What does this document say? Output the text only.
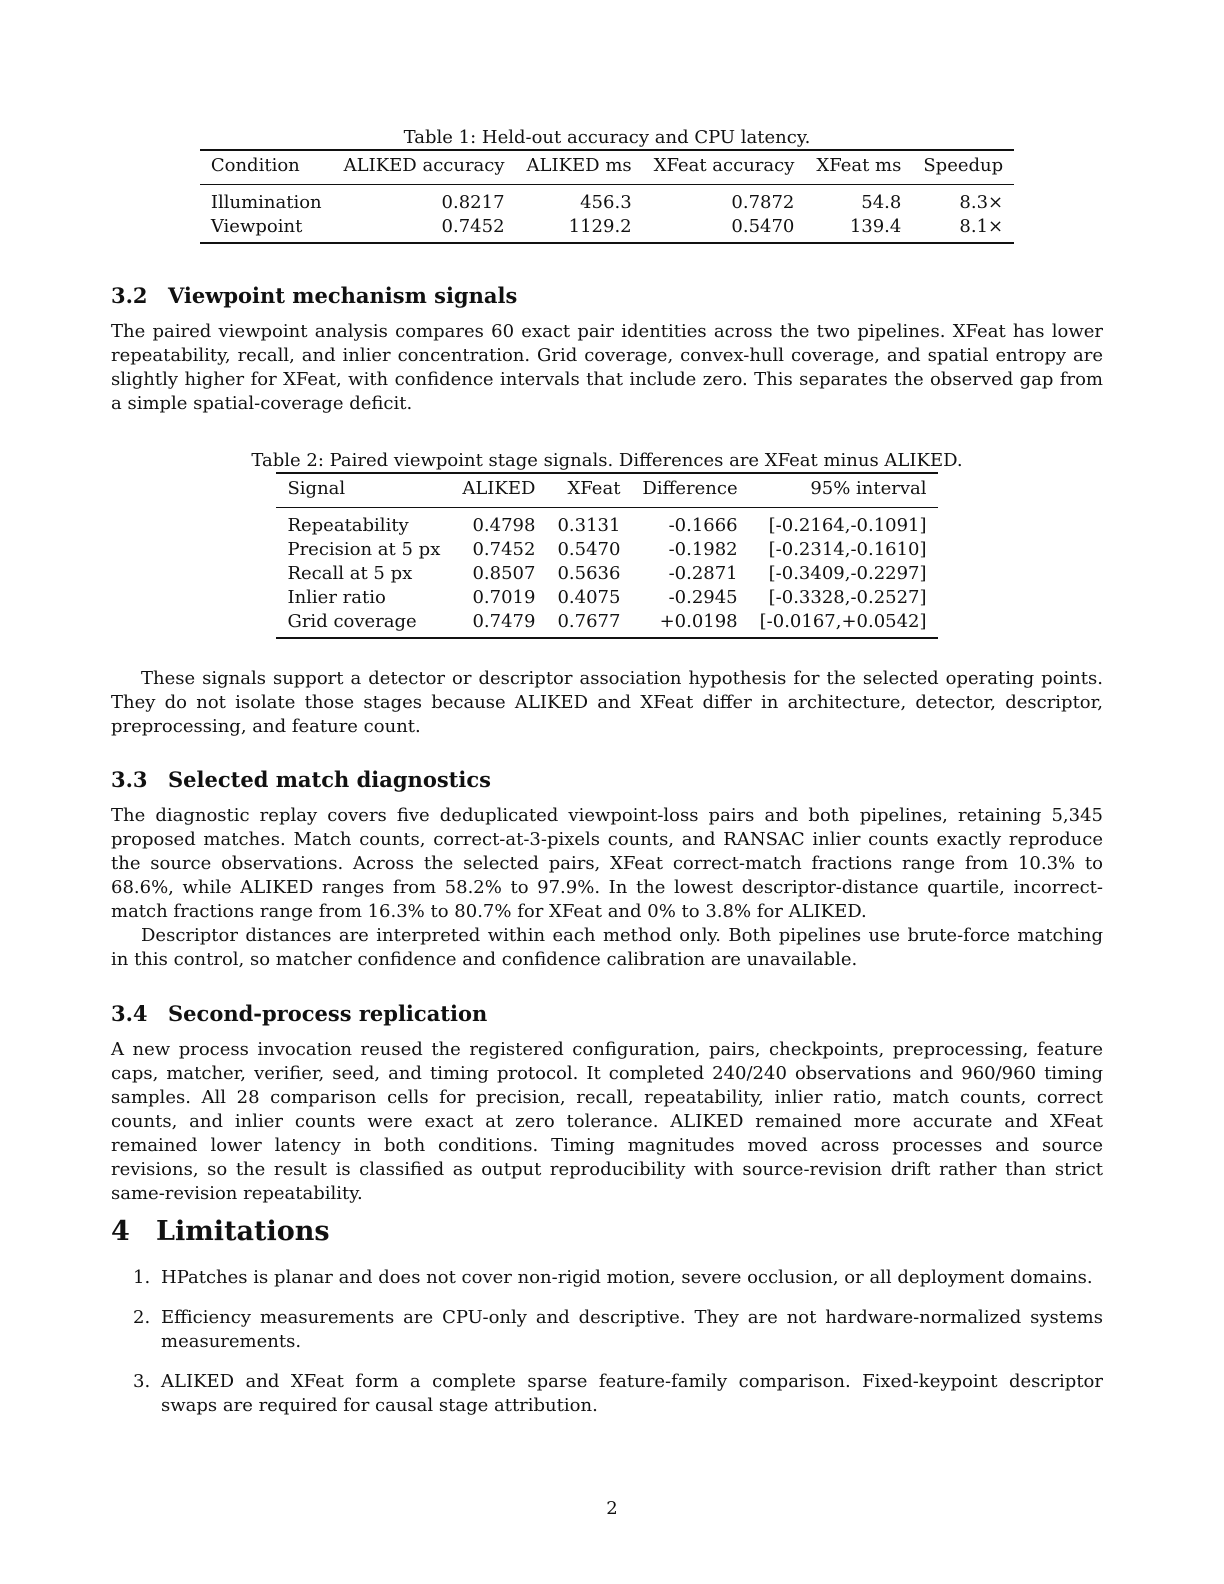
Table 1: Held-out accuracy and CPU latency.

Condition	ALIKED accuracy	ALIKED ms	XFeat accuracy	XFeat ms	Speedup
Illumination	0.8217	456.3	0.7872	54.8	8.3×
Viewpoint	0.7452	1129.2	0.5470	139.4	8.1×
3.2 Viewpoint mechanism signals

The paired viewpoint analysis compares 60 exact pair identities across the two pipelines. XFeat has lower repeatability, recall, and inlier concentration. Grid coverage, convex-hull coverage, and spatial entropy are slightly higher for XFeat, with confidence intervals that include zero. This separates the observed gap from a simple spatial-coverage deficit.

Table 2: Paired viewpoint stage signals. Differences are XFeat minus ALIKED.

Signal	ALIKED	XFeat	Difference	95% interval
Repeatability	0.4798	0.3131	-0.1666	[-0.2164,-0.1091]
Precision at 5 px	0.7452	0.5470	-0.1982	[-0.2314,-0.1610]
Recall at 5 px	0.8507	0.5636	-0.2871	[-0.3409,-0.2297]
Inlier ratio	0.7019	0.4075	-0.2945	[-0.3328,-0.2527]
Grid coverage	0.7479	0.7677	+0.0198	[-0.0167,+0.0542]

These signals support a detector or descriptor association hypothesis for the selected operating points. They do not isolate those stages because ALIKED and XFeat differ in architecture, detector, descriptor, preprocessing, and feature count.

3.3 Selected match diagnostics

The diagnostic replay covers five deduplicated viewpoint-loss pairs and both pipelines, retaining 5,345 proposed matches. Match counts, correct-at-3-pixels counts, and RANSAC inlier counts exactly reproduce the source observations. Across the selected pairs, XFeat correct-match fractions range from 10.3% to 68.6%, while ALIKED ranges from 58.2% to 97.9%. In the lowest descriptor-distance quartile, incorrect-match fractions range from 16.3% to 80.7% for XFeat and 0% to 3.8% for ALIKED.

Descriptor distances are interpreted within each method only. Both pipelines use brute-force matching in this control, so matcher confidence and confidence calibration are unavailable.

3.4 Second-process replication

A new process invocation reused the registered configuration, pairs, checkpoints, preprocessing, feature caps, matcher, verifier, seed, and timing protocol. It completed 240/240 observations and 960/960 timing samples. All 28 comparison cells for precision, recall, repeatability, inlier ratio, match counts, correct counts, and inlier counts were exact at zero tolerance. ALIKED remained more accurate and XFeat remained lower latency in both conditions. Timing magnitudes moved across processes and source revisions, so the result is classified as output reproducibility with source-revision drift rather than strict same-revision repeatability.

4 Limitations
1. HPatches is planar and does not cover non-rigid motion, severe occlusion, or all deployment domains.
2. Efficiency measurements are CPU-only and descriptive. They are not hardware-normalized systems measurements.
3. ALIKED and XFeat form a complete sparse feature-family comparison. Fixed-keypoint descriptor swaps are required for causal stage attribution.
2
